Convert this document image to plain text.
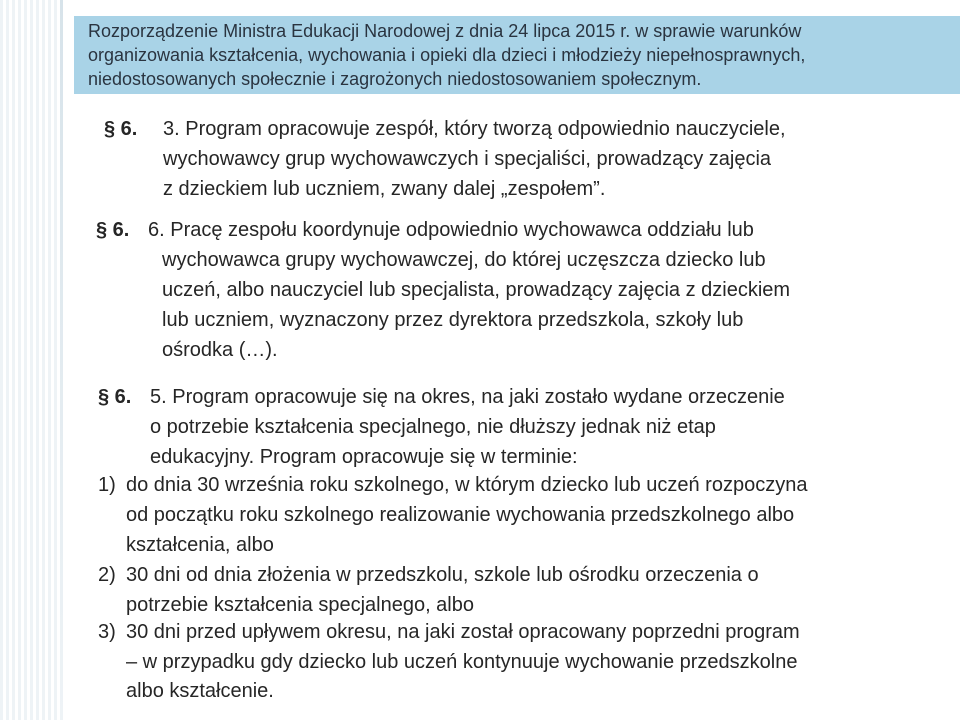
Rozporządzenie Ministra Edukacji Narodowej z dnia 24 lipca 2015 r. w sprawie warunków
organizowania kształcenia, wychowania i opieki dla dzieci i młodzieży niepełnosprawnych,
niedostosowanych społecznie i zagrożonych niedostosowaniem społecznym.
§ 6. 3. Program opracowuje zespół, który tworzą odpowiednio nauczyciele,
wychowawcy grup wychowawczych i specjaliści, prowadzący zajęcia
z dzieckiem lub uczniem, zwany dalej „zespołem”.
§ 6. 6. Pracę zespołu koordynuje odpowiednio wychowawca oddziału lub
wychowawca grupy wychowawczej, do której uczęszcza dziecko lub
uczeń, albo nauczyciel lub specjalista, prowadzący zajęcia z dzieckiem
lub uczniem, wyznaczony przez dyrektora przedszkola, szkoły lub
ośrodka (…).
§ 6. 5. Program opracowuje się na okres, na jaki zostało wydane orzeczenie
o potrzebie kształcenia specjalnego, nie dłuższy jednak niż etap
edukacyjny. Program opracowuje się w terminie:
1) do dnia 30 września roku szkolnego, w którym dziecko lub uczeń rozpoczyna
od początku roku szkolnego realizowanie wychowania przedszkolnego albo
kształcenia, albo
2) 30 dni od dnia złożenia w przedszkolu, szkole lub ośrodku orzeczenia o
potrzebie kształcenia specjalnego, albo
3) 30 dni przed upływem okresu, na jaki został opracowany poprzedni program
– w przypadku gdy dziecko lub uczeń kontynuuje wychowanie przedszkolne
albo kształcenie.
